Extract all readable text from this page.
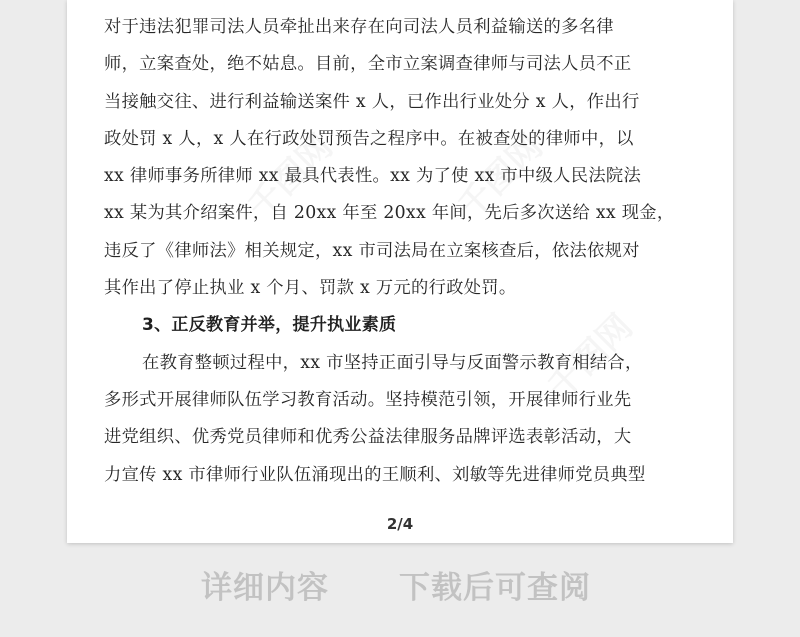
千图网	千图网
千图网
对于违法犯罪司法人员牵扯出来存在向司法人员利益输送的多名律
师，立案查处，绝不姑息。目前，全市立案调查律师与司法人员不正
当接触交往、进行利益输送案件 x 人，已作出行业处分 x 人，作出行
政处罚 x 人，x 人在行政处罚预告之程序中。在被查处的律师中，以
xx 律师事务所律师 xx 最具代表性。xx 为了使 xx 市中级人民法院法
xx 某为其介绍案件，自 20xx 年至 20xx 年间，先后多次送给 xx 现金，
违反了《律师法》相关规定，xx 市司法局在立案核查后，依法依规对
其作出了停止执业 x 个月、罚款 x 万元的行政处罚。
3、正反教育并举，提升执业素质
在教育整顿过程中，xx 市坚持正面引导与反面警示教育相结合，
多形式开展律师队伍学习教育活动。坚持模范引领，开展律师行业先
进党组织、优秀党员律师和优秀公益法律服务品牌评选表彰活动，大
力宣传 xx 市律师行业队伍涌现出的王顺利、刘敏等先进律师党员典型
2/4
详细内容 下载后可查阅
